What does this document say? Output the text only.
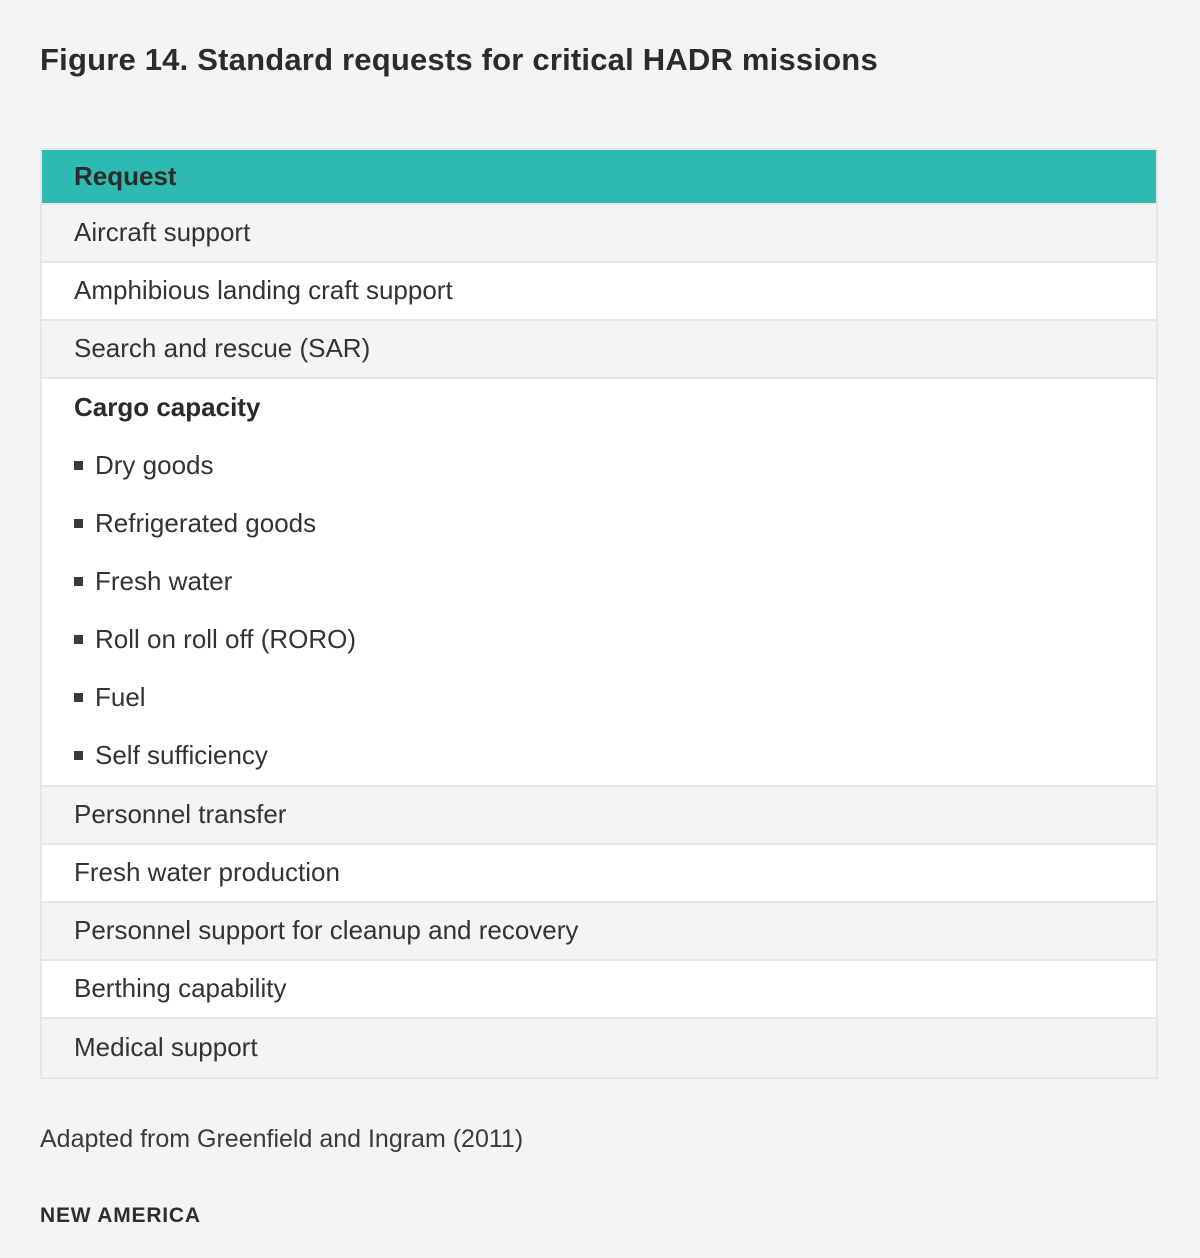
Figure 14. Standard requests for critical HADR missions
Request
Aircraft support
Amphibious landing craft support
Search and rescue (SAR)
Cargo capacity
Dry goods
Refrigerated goods
Fresh water
Roll on roll off (RORO)
Fuel
Self sufficiency
Personnel transfer
Fresh water production
Personnel support for cleanup and recovery
Berthing capability
Medical support
Adapted from Greenfield and Ingram (2011)
NEW AMERICA
